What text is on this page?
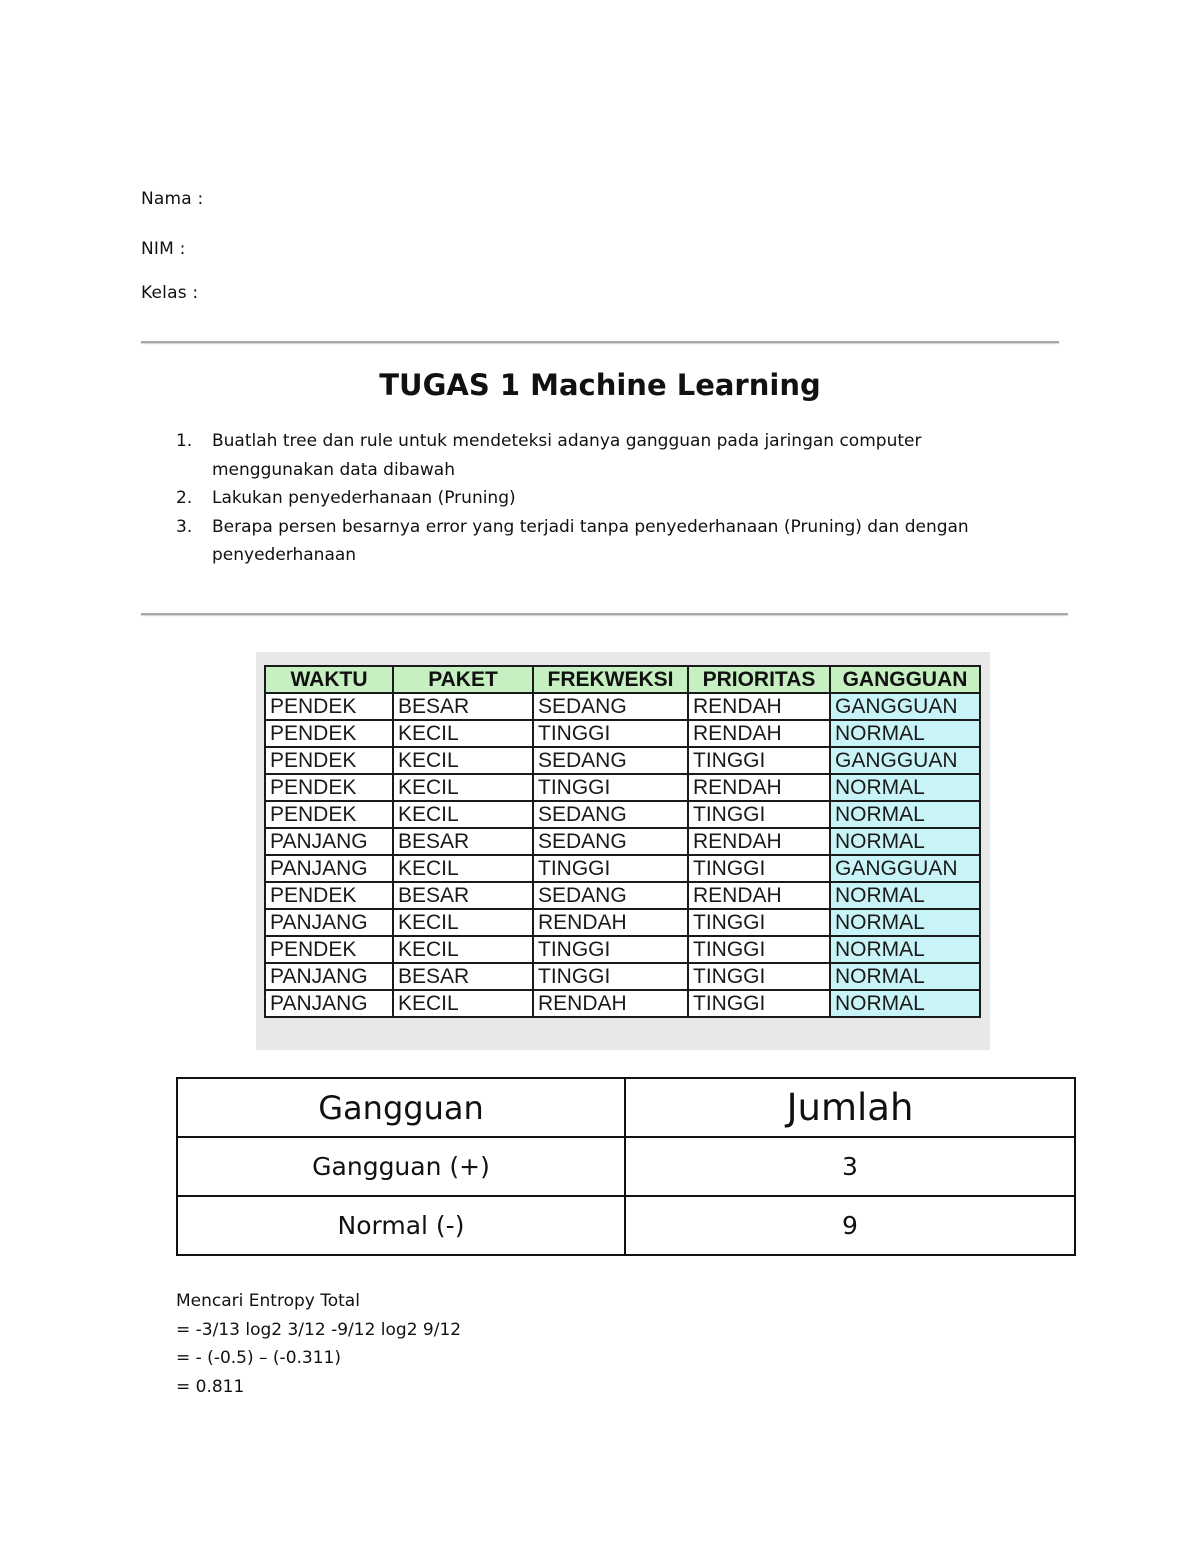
Nama :
NIM :
Kelas :
TUGAS 1 Machine Learning
1. Buatlah tree dan rule untuk mendeteksi adanya gangguan pada jaringan computer menggunakan data dibawah
2. Lakukan penyederhanaan (Pruning)
3. Berapa persen besarnya error yang terjadi tanpa penyederhanaan (Pruning) dan dengan penyederhanaan
WAKTU	PAKET	FREKWEKSI	PRIORITAS	GANGGUAN
PENDEK	BESAR	SEDANG	RENDAH	GANGGUAN
PENDEK	KECIL	TINGGI	RENDAH	NORMAL
PENDEK	KECIL	SEDANG	TINGGI	GANGGUAN
PENDEK	KECIL	TINGGI	RENDAH	NORMAL
PENDEK	KECIL	SEDANG	TINGGI	NORMAL
PANJANG	BESAR	SEDANG	RENDAH	NORMAL
PANJANG	KECIL	TINGGI	TINGGI	GANGGUAN
PENDEK	BESAR	SEDANG	RENDAH	NORMAL
PANJANG	KECIL	RENDAH	TINGGI	NORMAL
PENDEK	KECIL	TINGGI	TINGGI	NORMAL
PANJANG	BESAR	TINGGI	TINGGI	NORMAL
PANJANG	KECIL	RENDAH	TINGGI	NORMAL
Gangguan	Jumlah
Gangguan (+)	3
Normal (-)	9
Mencari Entropy Total
= -3/13 log2 3/12 -9/12 log2 9/12
= - (-0.5) – (-0.311)
= 0.811
